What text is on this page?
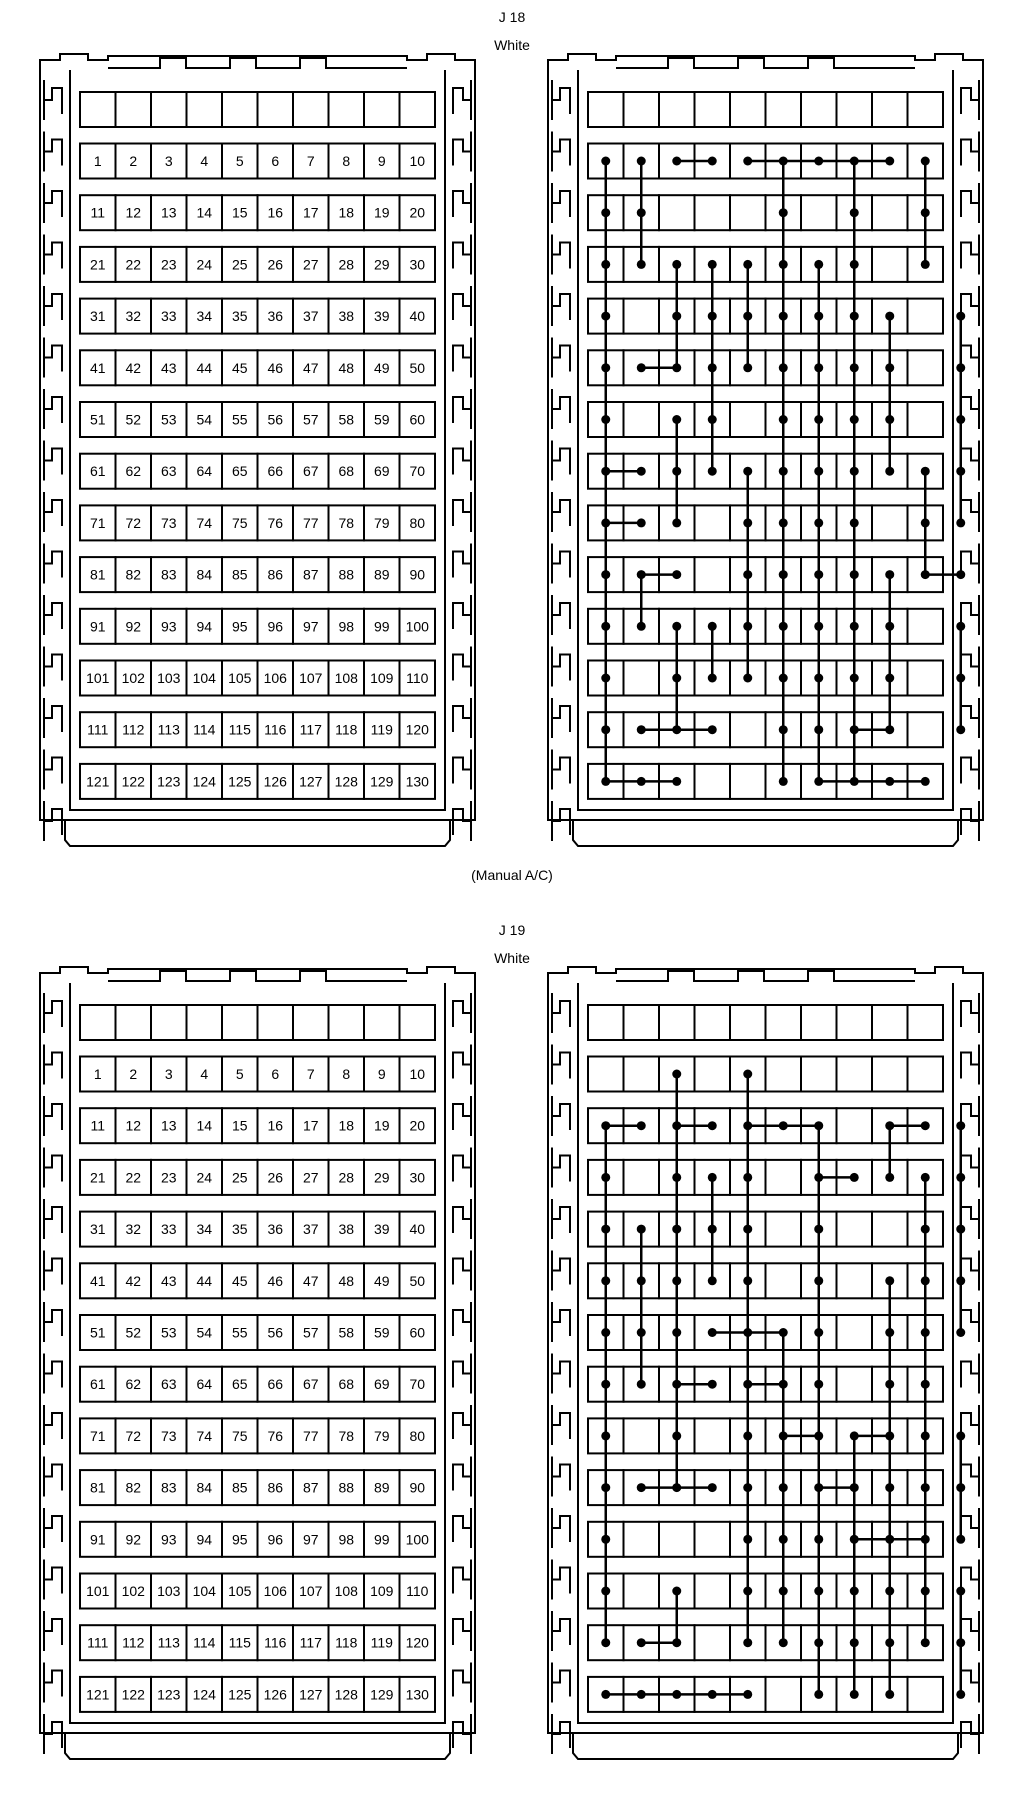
J 18
White
1 2 3 4 5 6 7 8 9 10
11 12 13 14 15 16 17 18 19 20
21 22 23 24 25 26 27 28 29 30
31 32 33 34 35 36 37 38 39 40
41 42 43 44 45 46 47 48 49 50
51 52 53 54 55 56 57 58 59 60
61 62 63 64 65 66 67 68 69 70
71 72 73 74 75 76 77 78 79 80
81 82 83 84 85 86 87 88 89 90
91 92 93 94 95 96 97 98 99 100
101 102 103 104 105 106 107 108 109 110
111 112 113 114 115 116 117 118 119 120
121 122 123 124 125 126 127 128 129 130
(Manual A/C)
J 19
White
1 2 3 4 5 6 7 8 9 10
11 12 13 14 15 16 17 18 19 20
21 22 23 24 25 26 27 28 29 30
31 32 33 34 35 36 37 38 39 40
41 42 43 44 45 46 47 48 49 50
51 52 53 54 55 56 57 58 59 60
61 62 63 64 65 66 67 68 69 70
71 72 73 74 75 76 77 78 79 80
81 82 83 84 85 86 87 88 89 90
91 92 93 94 95 96 97 98 99 100
101 102 103 104 105 106 107 108 109 110
111 112 113 114 115 116 117 118 119 120
121 122 123 124 125 126 127 128 129 130
